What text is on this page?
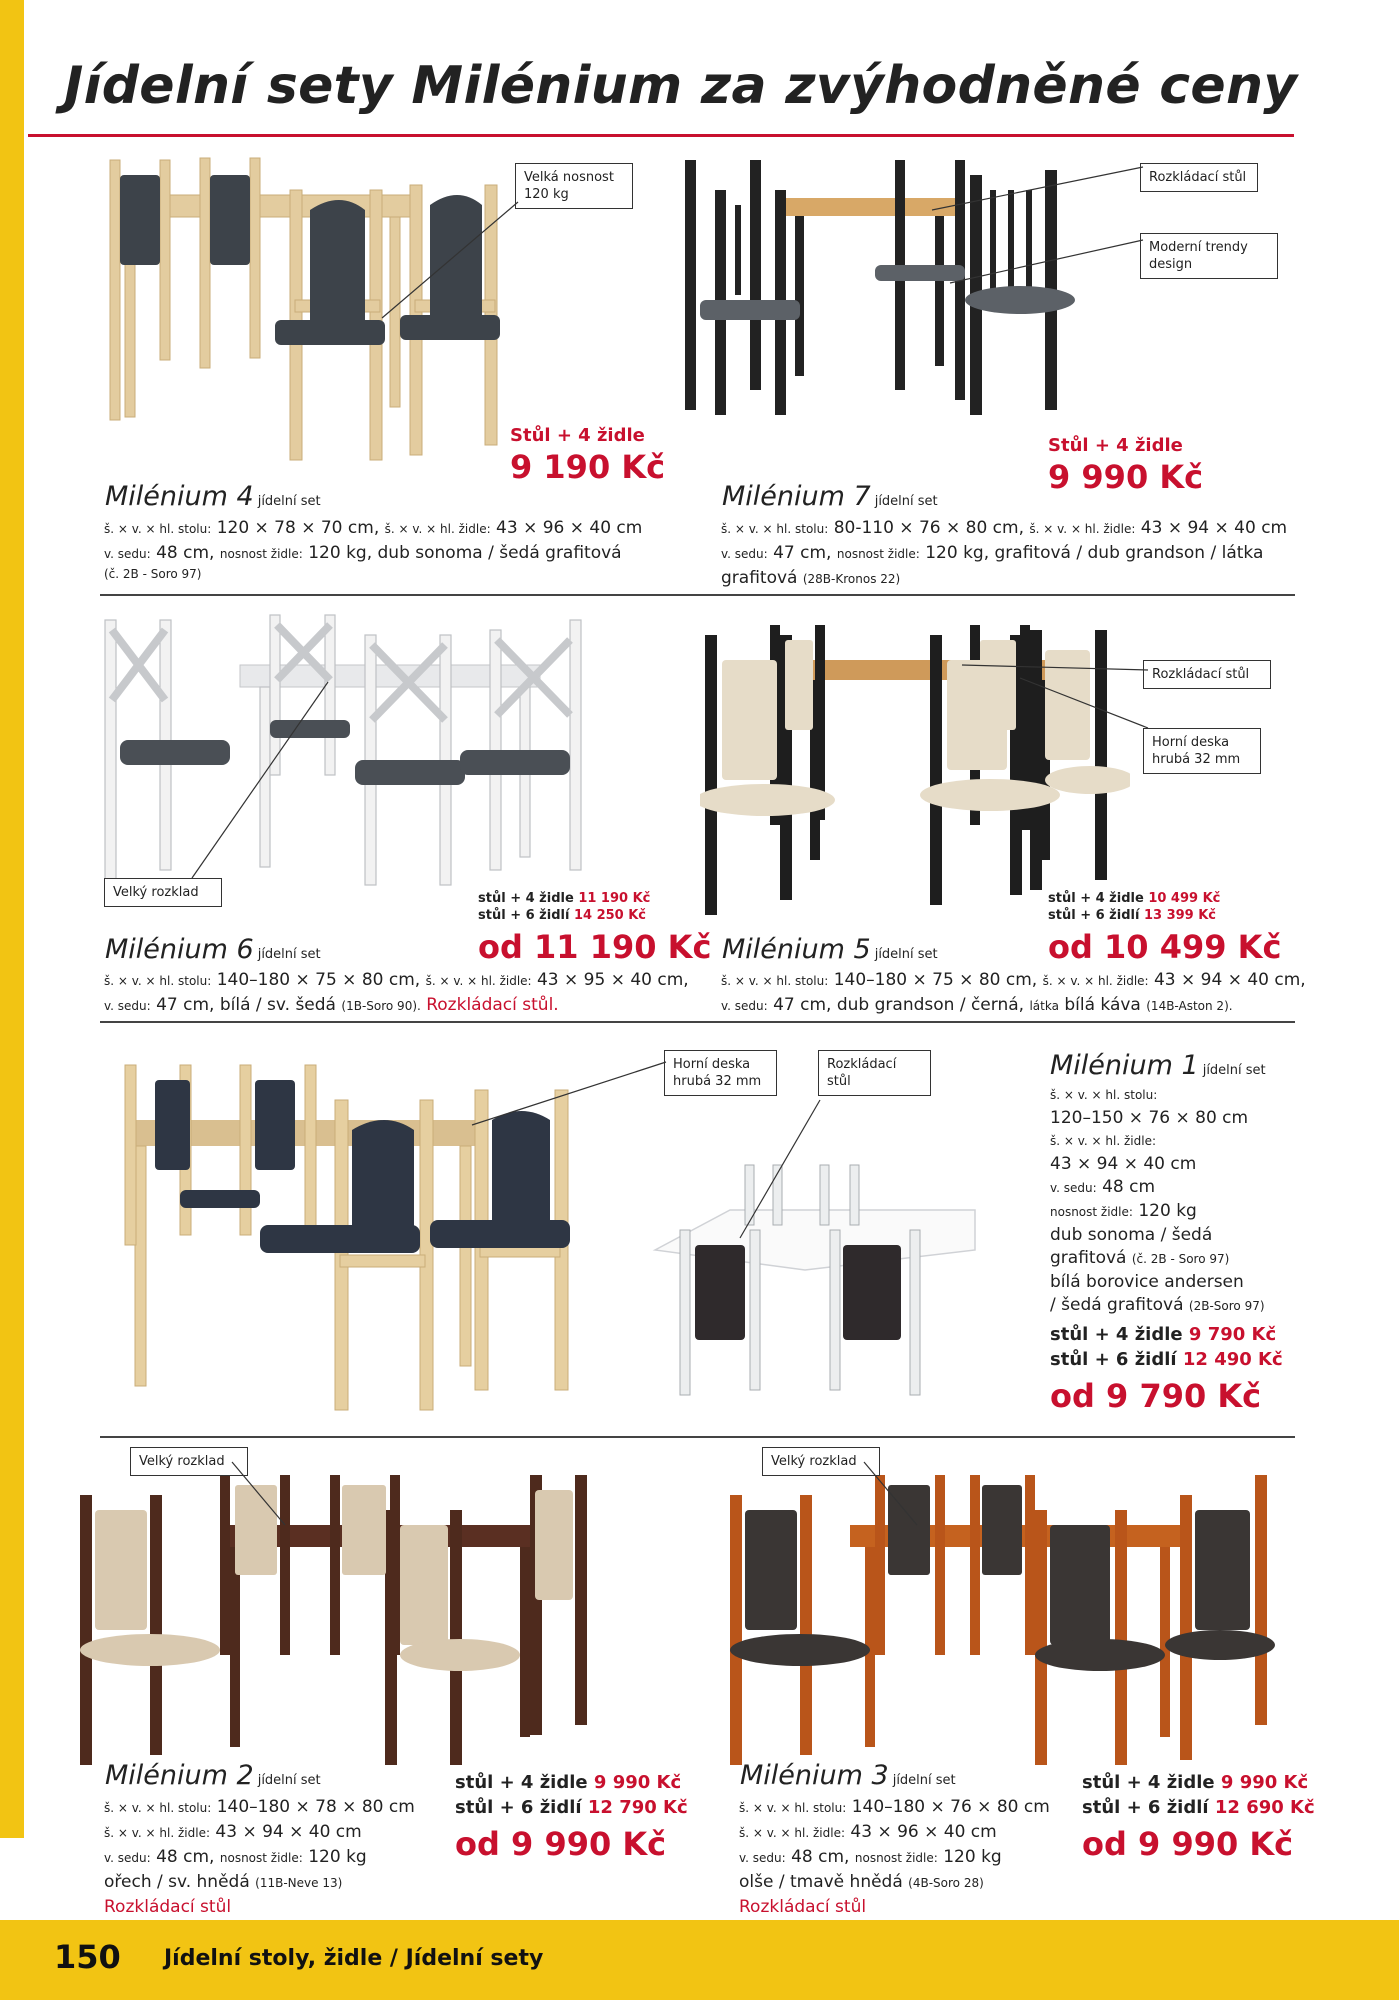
150 Jídelní stoly, židle / Jídelní sety
Jídelní sety Milénium za zvýhodněné ceny
Velká nosnost 120 kg
Stůl + 4 židle
9 190 Kč
Milénium 4 jídelní set
š. × v. × hl. stolu: 120 × 78 × 70 cm, š. × v. × hl. židle: 43 × 96 × 40 cm
v. sedu: 48 cm, nosnost židle: 120 kg, dub sonoma / šedá grafitová
(č. 2B - Soro 97)
Rozkládací stůl
Moderní trendy design
Stůl + 4 židle
9 990 Kč
Milénium 7 jídelní set
š. × v. × hl. stolu: 80-110 × 76 × 80 cm, š. × v. × hl. židle: 43 × 94 × 40 cm
v. sedu: 47 cm, nosnost židle: 120 kg, grafitová / dub grandson / látka
grafitová (28B-Kronos 22)
Velký rozklad	stůl + 4 židle 11 190 Kč
stůl + 6 židlí 14 250 Kč
od 11 190 Kč
Milénium 6 jídelní set
š. × v. × hl. stolu: 140–180 × 75 × 80 cm, š. × v. × hl. židle: 43 × 95 × 40 cm,
v. sedu: 47 cm, bílá / sv. šedá (1B-Soro 90). Rozkládací stůl.
Rozkládací stůl
Horní deska hrubá 32 mm
stůl + 4 židle 10 499 Kč
stůl + 6 židlí 13 399 Kč
od 10 499 Kč
Milénium 5 jídelní set
š. × v. × hl. stolu: 140–180 × 75 × 80 cm, š. × v. × hl. židle: 43 × 94 × 40 cm,
v. sedu: 47 cm, dub grandson / černá, látka bílá káva (14B-Aston 2).
Horní deska hrubá 32 mm
Rozkládací stůl
Milénium 1 jídelní set
š. × v. × hl. stolu:
120–150 × 76 × 80 cm
š. × v. × hl. židle:
43 × 94 × 40 cm
v. sedu: 48 cm
nosnost židle: 120 kg
dub sonoma / šedá
grafitová (č. 2B - Soro 97)
bílá borovice andersen
/ šedá grafitová (2B-Soro 97)
stůl + 4 židle 9 790 Kč
stůl + 6 židlí 12 490 Kč
od 9 790 Kč
Velký rozklad
Milénium 2 jídelní set
š. × v. × hl. stolu: 140–180 × 78 × 80 cm
š. × v. × hl. židle: 43 × 94 × 40 cm
v. sedu: 48 cm, nosnost židle: 120 kg
ořech / sv. hnědá (11B-Neve 13)
Rozkládací stůl
stůl + 4 židle 9 990 Kč
stůl + 6 židlí 12 790 Kč
od 9 990 Kč
Velký rozklad
Milénium 3 jídelní set
š. × v. × hl. stolu: 140–180 × 76 × 80 cm
š. × v. × hl. židle: 43 × 96 × 40 cm
v. sedu: 48 cm, nosnost židle: 120 kg
olše / tmavě hnědá (4B-Soro 28)
Rozkládací stůl
stůl + 4 židle 9 990 Kč
stůl + 6 židlí 12 690 Kč
od 9 990 Kč
